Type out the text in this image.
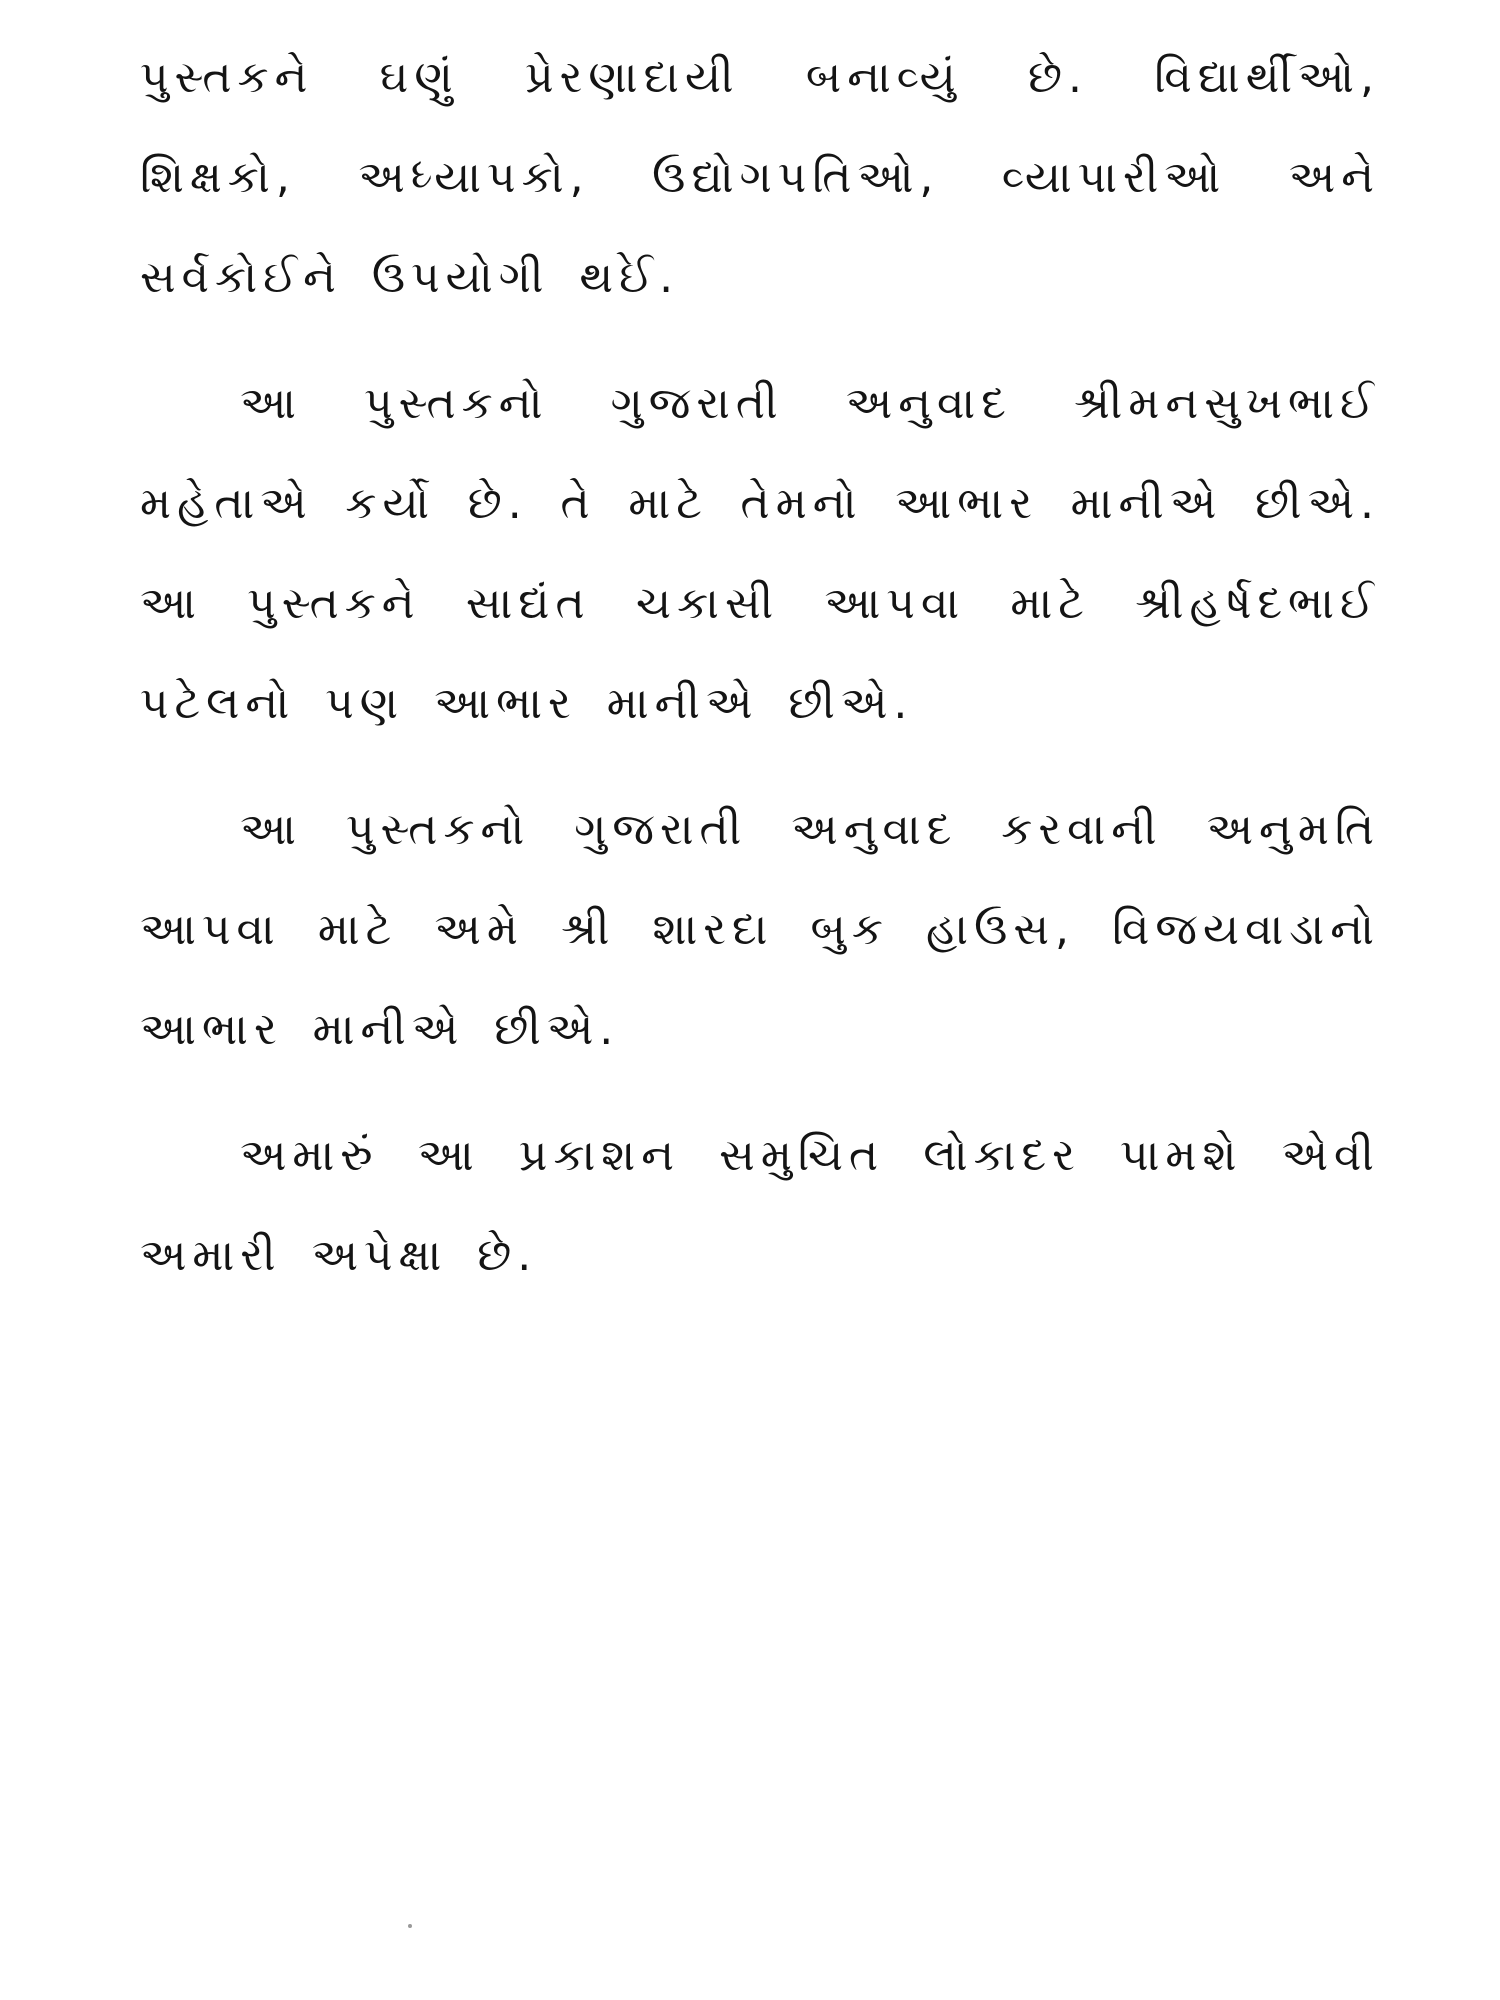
પુસ્તકને ઘણું પ્રેરણાદાયી બનાવ્યું છે. વિદ્યાર્થીઓ, શિક્ષકો, અધ્યાપકો, ઉદ્યોગપતિઓ, વ્યાપારીઓ અને સર્વકોઈને ઉપયોગી થઈે.

આ પુસ્તકનો ગુજરાતી અનુવાદ શ્રીમનસુખભાઈ મહેતાએ કર્યો છે. તે માટે તેમનો આભાર માનીએ છીએ. આ પુસ્તકને સાદ્યંત ચકાસી આપવા માટે શ્રીહર્ષદભાઈ પટેલનો પણ આભાર માનીએ છીએ.

આ પુસ્તકનો ગુજરાતી અનુવાદ કરવાની અનુમતિ આપવા માટે અમે શ્રી શારદા બુક હાઉસ, વિજયવાડાનો આભાર માનીએ છીએ.

અમારું આ પ્રકાશન સમુચિત લોકાદર પામશે એવી અમારી અપેક્ષા છે.
